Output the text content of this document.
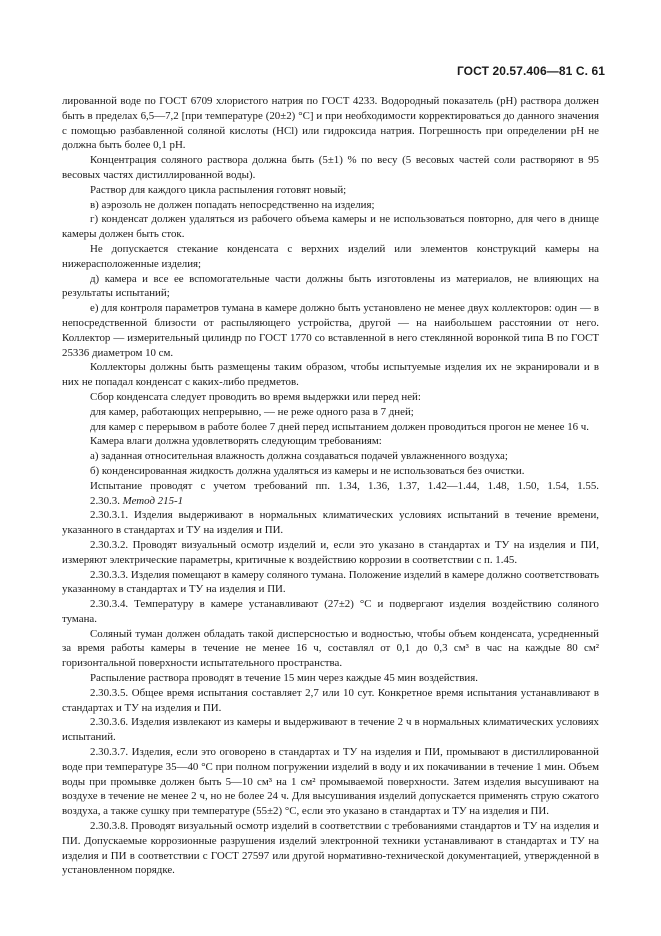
ГОСТ 20.57.406—81 С. 61

лированной воде по ГОСТ 6709 хлористого натрия по ГОСТ 4233. Водородный показатель (pH) раствора должен быть в пределах 6,5—7,2 [при температуре (20±2) °С] и при необходимости корректироваться до данного значения с помощью разбавленной соляной кислоты (HCl) или гидроксида натрия. Погрешность при определении pH не должна быть более 0,1 pH.

Концентрация соляного раствора должна быть (5±1) % по весу (5 весовых частей соли растворяют в 95 весовых частях дистиллированной воды).

Раствор для каждого цикла распыления готовят новый;

в) аэрозоль не должен попадать непосредственно на изделия;

г) конденсат должен удаляться из рабочего объема камеры и не использоваться повторно, для чего в днище камеры должен быть сток.

Не допускается стекание конденсата с верхних изделий или элементов конструкций камеры на нижерасположенные изделия;

д) камера и все ее вспомогательные части должны быть изготовлены из материалов, не влияющих на результаты испытаний;

е) для контроля параметров тумана в камере должно быть установлено не менее двух коллекторов: один — в непосредственной близости от распыляющего устройства, другой — на наибольшем расстоянии от него. Коллектор — измерительный цилиндр по ГОСТ 1770 со вставленной в него стеклянной воронкой типа В по ГОСТ 25336 диаметром 10 см.

Коллекторы должны быть размещены таким образом, чтобы испытуемые изделия их не экранировали и в них не попадал конденсат с каких-либо предметов.

Сбор конденсата следует проводить во время выдержки или перед ней:

для камер, работающих непрерывно, — не реже одного раза в 7 дней;

для камер с перерывом в работе более 7 дней перед испытанием должен проводиться прогон не менее 16 ч.

Камера влаги должна удовлетворять следующим требованиям:

а) заданная относительная влажность должна создаваться подачей увлажненного воздуха;

б) конденсированная жидкость должна удаляться из камеры и не использоваться без очистки.

Испытание проводят с учетом требований пп. 1.34, 1.36, 1.37, 1.42—1.44, 1.48, 1.50, 1.54, 1.55.

2.30.3. Метод 215-1

2.30.3.1. Изделия выдерживают в нормальных климатических условиях испытаний в течение времени, указанного в стандартах и ТУ на изделия и ПИ.

2.30.3.2. Проводят визуальный осмотр изделий и, если это указано в стандартах и ТУ на изделия и ПИ, измеряют электрические параметры, критичные к воздействию коррозии в соответствии с п. 1.45.

2.30.3.3. Изделия помещают в камеру соляного тумана. Положение изделий в камере должно соответствовать указанному в стандартах и ТУ на изделия и ПИ.

2.30.3.4. Температуру в камере устанавливают (27±2) °С и подвергают изделия воздействию соляного тумана.

Соляный туман должен обладать такой дисперсностью и водностью, чтобы объем конденсата, усредненный за время работы камеры в течение не менее 16 ч, составлял от 0,1 до 0,3 см³ в час на каждые 80 см² горизонтальной поверхности испытательного пространства.

Распыление раствора проводят в течение 15 мин через каждые 45 мин воздействия.

2.30.3.5. Общее время испытания составляет 2,7 или 10 сут. Конкретное время испытания устанавливают в стандартах и ТУ на изделия и ПИ.

2.30.3.6. Изделия извлекают из камеры и выдерживают в течение 2 ч в нормальных климатических условиях испытаний.

2.30.3.7. Изделия, если это оговорено в стандартах и ТУ на изделия и ПИ, промывают в дистиллированной воде при температуре 35—40 °С при полном погружении изделий в воду и их покачивании в течение 1 мин. Объем воды при промывке должен быть 5—10 см³ на 1 см² промываемой поверхности. Затем изделия высушивают на воздухе в течение не менее 2 ч, но не более 24 ч. Для высушивания изделий допускается применять струю сжатого воздуха, а также сушку при температуре (55±2) °С, если это указано в стандартах и ТУ на изделия и ПИ.

2.30.3.8. Проводят визуальный осмотр изделий в соответствии с требованиями стандартов и ТУ на изделия и ПИ. Допускаемые коррозионные разрушения изделий электронной техники устанавливают в стандартах и ТУ на изделия и ПИ в соответствии с ГОСТ 27597 или другой нормативно-технической документацией, утвержденной в установленном порядке.
